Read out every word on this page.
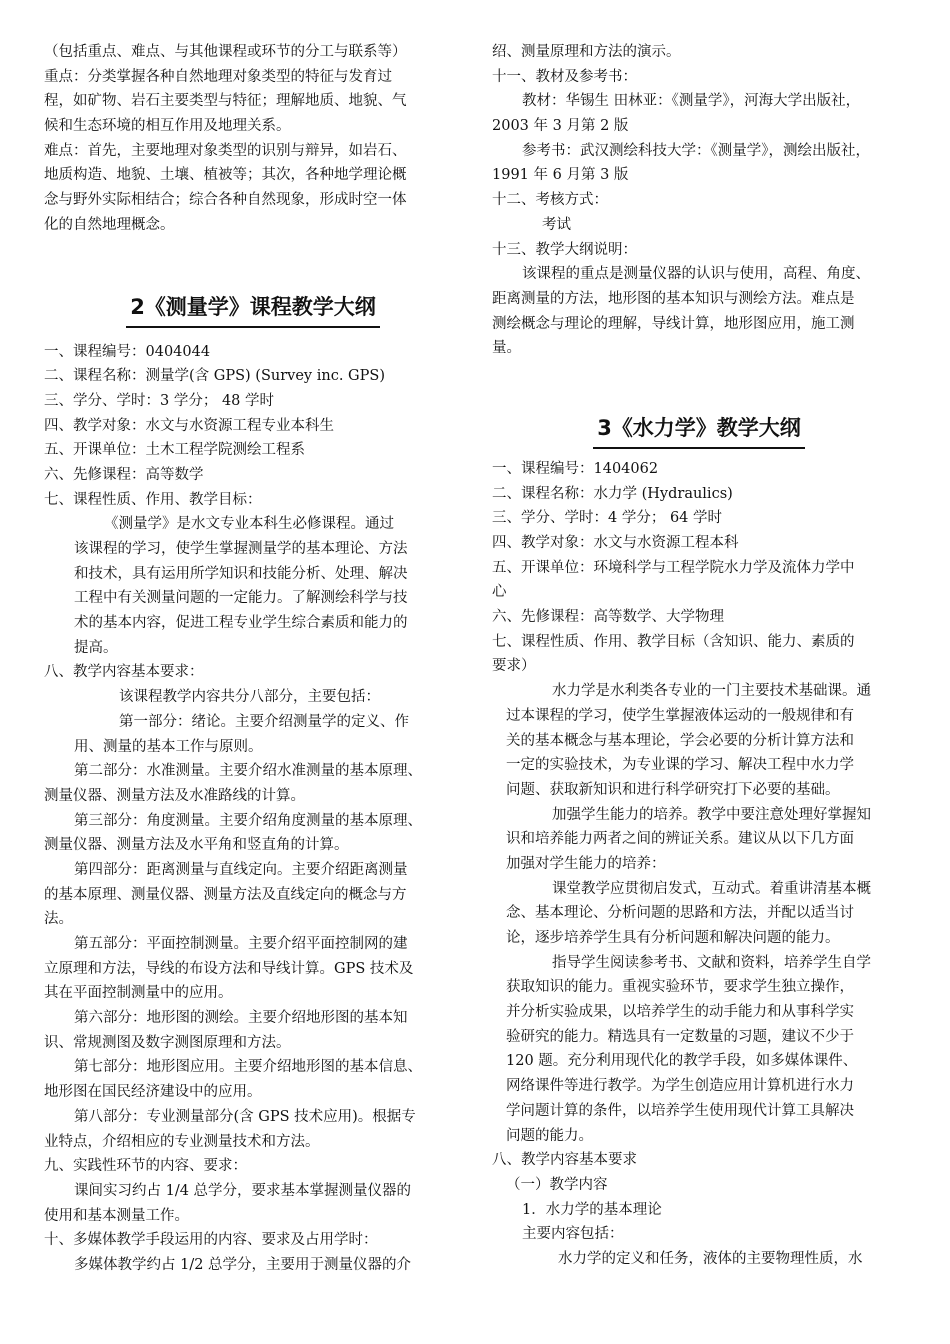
（包括重点、难点、与其他课程或环节的分工与联系等）
重点：分类掌握各种自然地理对象类型的特征与发育过
程，如矿物、岩石主要类型与特征；理解地质、地貌、气
候和生态环境的相互作用及地理关系。
难点：首先，主要地理对象类型的识别与辩异，如岩石、
地质构造、地貌、土壤、植被等；其次，各种地学理论概
念与野外实际相结合；综合各种自然现象，形成时空一体
化的自然地理概念。
2《测量学》课程教学大纲
一、课程编号：0404044
二、课程名称：测量学(含 GPS) (Survey inc. GPS)
三、学分、学时：3 学分； 48 学时
四、教学对象：水文与水资源工程专业本科生
五、开课单位：土木工程学院测绘工程系
六、先修课程：高等数学
七、课程性质、作用、教学目标：
《测量学》是水文专业本科生必修课程。通过
该课程的学习，使学生掌握测量学的基本理论、方法
和技术，具有运用所学知识和技能分析、处理、解决
工程中有关测量问题的一定能力。了解测绘科学与技
术的基本内容，促进工程专业学生综合素质和能力的
提高。
八、教学内容基本要求：
该课程教学内容共分八部分，主要包括：
第一部分：绪论。主要介绍测量学的定义、作
用、测量的基本工作与原则。
第二部分：水准测量。主要介绍水准测量的基本原理、
测量仪器、测量方法及水准路线的计算。
第三部分：角度测量。主要介绍角度测量的基本原理、
测量仪器、测量方法及水平角和竖直角的计算。
第四部分：距离测量与直线定向。主要介绍距离测量
的基本原理、测量仪器、测量方法及直线定向的概念与方
法。
第五部分：平面控制测量。主要介绍平面控制网的建
立原理和方法，导线的布设方法和导线计算。GPS 技术及
其在平面控制测量中的应用。
第六部分：地形图的测绘。主要介绍地形图的基本知
识、常规测图及数字测图原理和方法。
第七部分：地形图应用。主要介绍地形图的基本信息、
地形图在国民经济建设中的应用。
第八部分：专业测量部分(含 GPS 技术应用)。根据专
业特点，介绍相应的专业测量技术和方法。
九、实践性环节的内容、要求：
课间实习约占 1/4 总学分，要求基本掌握测量仪器的
使用和基本测量工作。
十、多媒体教学手段运用的内容、要求及占用学时：
多媒体教学约占 1/2 总学分，主要用于测量仪器的介
绍、测量原理和方法的演示。
十一、教材及参考书：
教材：华锡生 田林亚：《测量学》，河海大学出版社，
2003 年 3 月第 2 版
参考书：武汉测绘科技大学：《测量学》，测绘出版社，
1991 年 6 月第 3 版
十二、考核方式：
考试
十三、教学大纲说明：
该课程的重点是测量仪器的认识与使用，高程、角度、
距离测量的方法，地形图的基本知识与测绘方法。难点是
测绘概念与理论的理解，导线计算，地形图应用，施工测
量。
3《水力学》教学大纲
一、课程编号：1404062
二、课程名称：水力学 (Hydraulics)
三、学分、学时：4 学分； 64 学时
四、教学对象：水文与水资源工程本科
五、开课单位：环境科学与工程学院水力学及流体力学中
心
六、先修课程：高等数学、大学物理
七、课程性质、作用、教学目标（含知识、能力、素质的
要求）
水力学是水利类各专业的一门主要技术基础课。通
过本课程的学习，使学生掌握液体运动的一般规律和有
关的基本概念与基本理论，学会必要的分析计算方法和
一定的实验技术，为专业课的学习、解决工程中水力学
问题、获取新知识和进行科学研究打下必要的基础。
加强学生能力的培养。教学中要注意处理好掌握知
识和培养能力两者之间的辨证关系。建议从以下几方面
加强对学生能力的培养：
课堂教学应贯彻启发式，互动式。着重讲清基本概
念、基本理论、分析问题的思路和方法，并配以适当讨
论，逐步培养学生具有分析问题和解决问题的能力。
指导学生阅读参考书、文献和资料，培养学生自学
获取知识的能力。重视实验环节，要求学生独立操作，
并分析实验成果，以培养学生的动手能力和从事科学实
验研究的能力。精选具有一定数量的习题，建议不少于
120 题。充分利用现代化的教学手段，如多媒体课件、
网络课件等进行教学。为学生创造应用计算机进行水力
学问题计算的条件，以培养学生使用现代计算工具解决
问题的能力。
八、教学内容基本要求
（一）教学内容
1．水力学的基本理论
主要内容包括：
水力学的定义和任务，液体的主要物理性质，水
